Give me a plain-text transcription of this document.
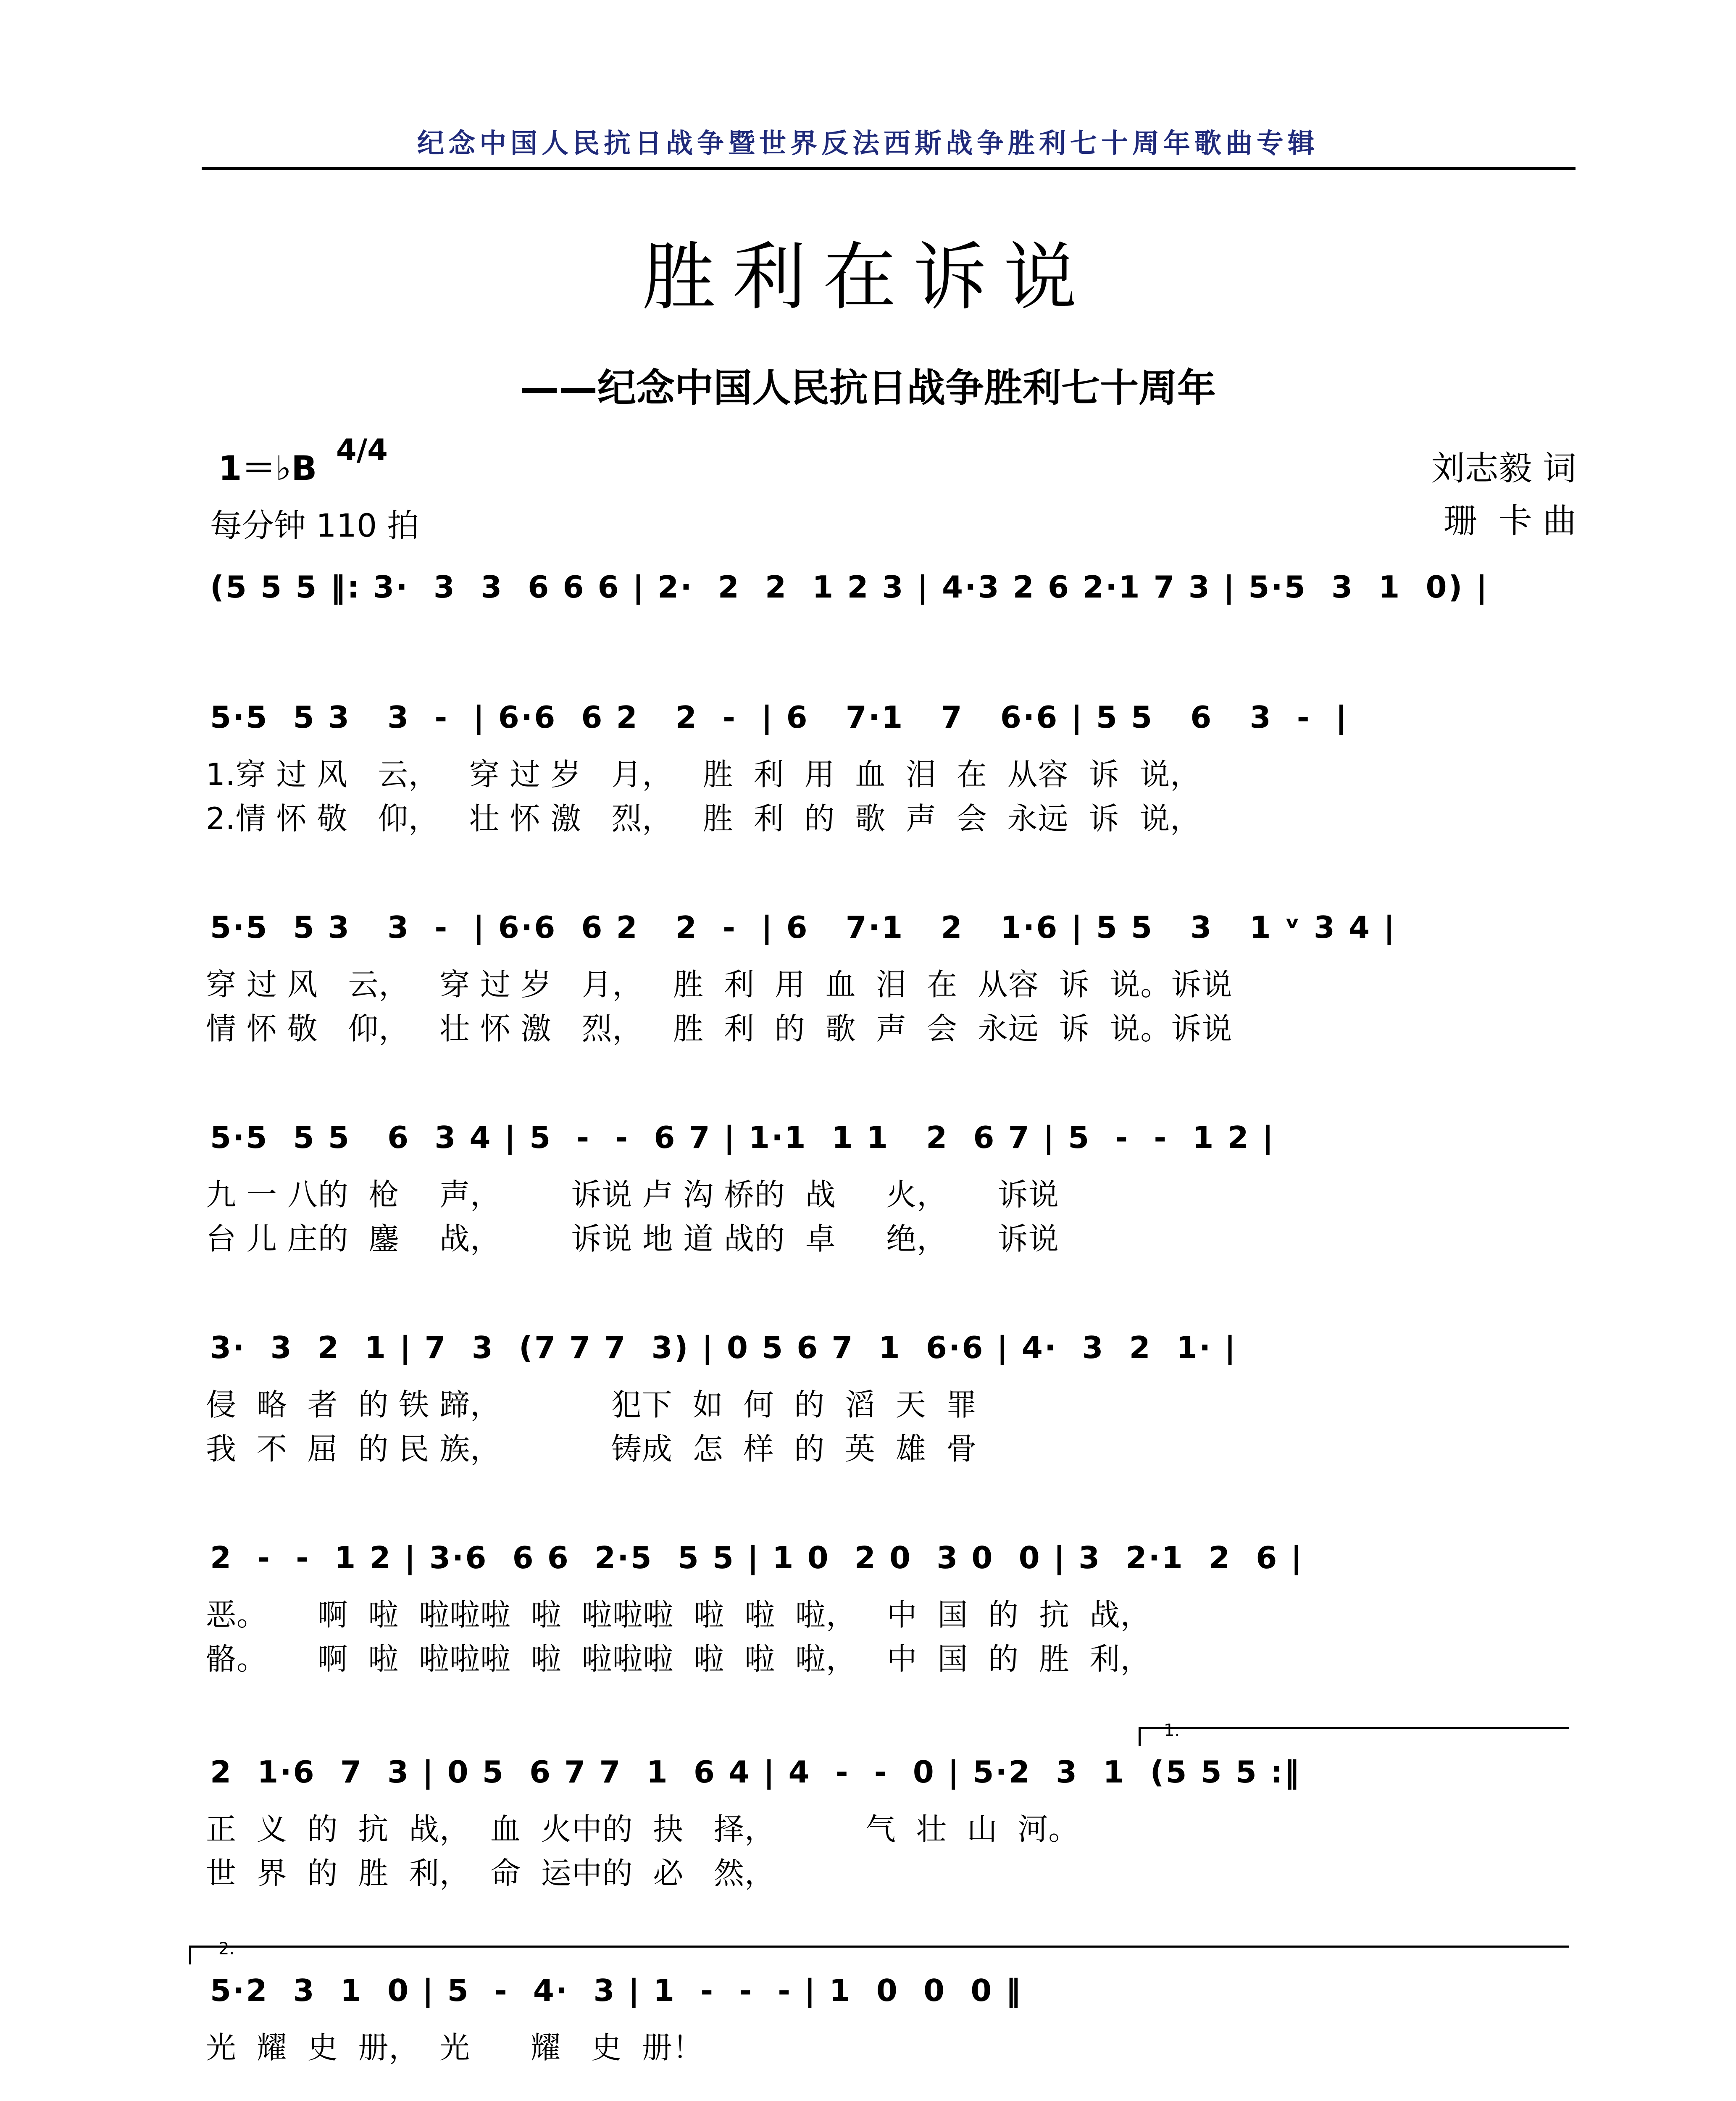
纪念中国人民抗日战争暨世界反法西斯战争胜利七十周年歌曲专辑
胜利在诉说
——纪念中国人民抗日战争胜利七十周年
1＝♭B 4/4
每分钟 110 拍
刘志毅 词
珊  卡 曲
(5 5 5 ‖: 3·  3  3  6 6 6 | 2·  2  2  1 2 3 | 4·3 2 6 2·1 7 3 | 5·5  3  1  0) |
5·5  5 3   3  -  | 6·6  6 2   2  -  | 6   7·1   7   6·6 | 5 5   6   3  -  |
1.穿 过 风   云，   穿 过 岁   月，   胜  利  用  血  泪  在  从容  诉  说，
2.情 怀 敬   仰，   壮 怀 激   烈，   胜  利  的  歌  声  会  永远  诉  说，
5·5  5 3   3  -  | 6·6  6 2   2  -  | 6   7·1   2   1·6 | 5 5   3   1 ᵛ 3 4 |
穿 过 风   云，   穿 过 岁   月，   胜  利  用  血  泪  在  从容  诉  说。诉说
情 怀 敬   仰，   壮 怀 激   烈，   胜  利  的  歌  声  会  永远  诉  说。诉说
5·5  5 5   6  3 4 | 5  -  -  6 7 | 1·1  1 1   2  6 7 | 5  -  -  1 2 |
九 一 八的  枪    声，       诉说 卢 沟 桥的  战     火，     诉说
台 儿 庄的  鏖    战，       诉说 地 道 战的  卓     绝，     诉说
3·  3  2  1 | 7  3  (7 7 7  3) | 0 5 6 7  1  6·6 | 4·  3  2  1· |
侵  略  者  的 铁 蹄，           犯下  如  何  的  滔  天  罪
我  不  屈  的 民 族，           铸成  怎  样  的  英  雄  骨
2  -  -  1 2 | 3·6  6 6  2·5  5 5 | 1 0  2 0  3 0  0 | 3  2·1  2  6 |
恶。     啊  啦  啦啦啦  啦  啦啦啦  啦  啦  啦，   中  国  的  抗  战，
骼。     啊  啦  啦啦啦  啦  啦啦啦  啦  啦  啦，   中  国  的  胜  利，
2  1·6  7  3 | 0 5  6 7 7  1  6 4 | 4  -  -  0 | 5·2  3  1  (5 5 5 :‖
正  义  的  抗  战，  血  火中的  抉   择，         气  壮  山  河。
世  界  的  胜  利，  命  运中的  必   然，
5·2  3  1  0 | 5  -  4·  3 | 1  -  -  - | 1  0  0  0 ‖
光  耀  史  册，  光      耀   史  册！
1.
2.
